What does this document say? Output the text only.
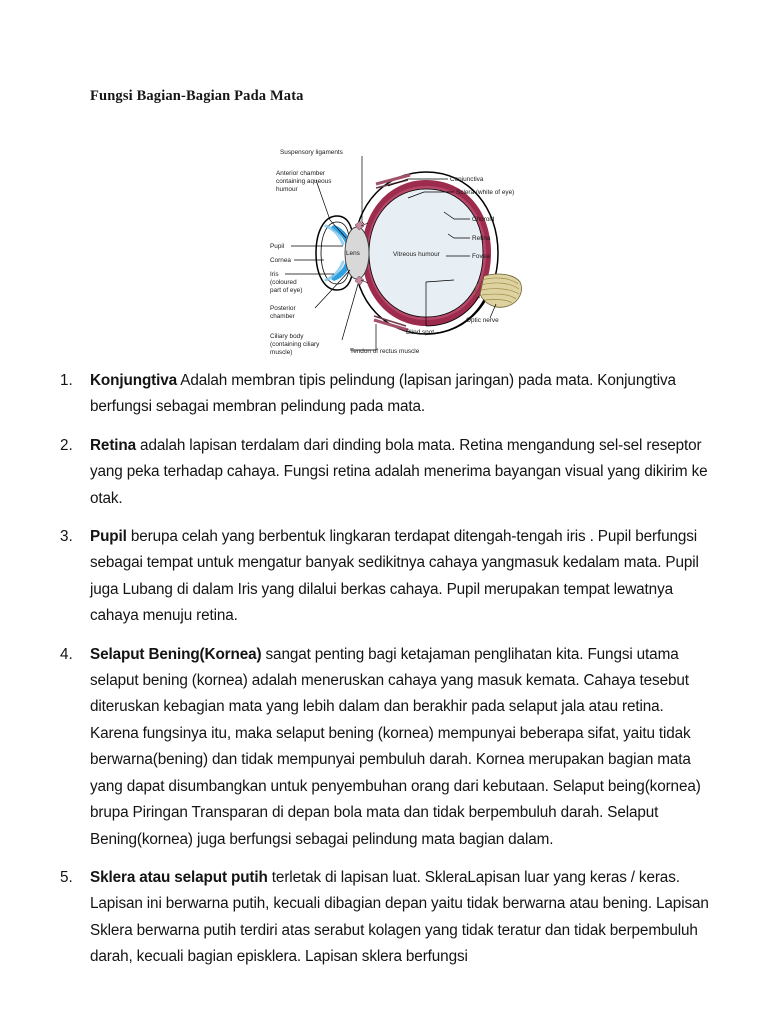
Fungsi Bagian-Bagian Pada Mata
Suspensory ligaments
Anterior chamber
containing aqueous
humour
Pupil
Cornea
Iris
(coloured
part of eye)
Posterior
chamber
Ciliary body
(containing ciliary
muscle)	Tendon of rectus muscle
Conjunctiva
Sclera (white of eye)
Choroid
Retina
Fovea
Optic nerve
Blind spot
Lens	Vitreous humour
1.	Konjungtiva Adalah membran tipis pelindung (lapisan jaringan) pada mata. Konjungtiva berfungsi sebagai membran pelindung pada mata.
2.	Retina adalah lapisan terdalam dari dinding bola mata. Retina mengandung sel-sel reseptor yang peka terhadap cahaya. Fungsi retina adalah menerima bayangan visual yang dikirim ke otak.
3.	Pupil berupa celah yang berbentuk lingkaran terdapat ditengah-tengah iris . Pupil berfungsi sebagai tempat untuk mengatur banyak sedikitnya cahaya yangmasuk kedalam mata. Pupil juga Lubang di dalam Iris yang dilalui berkas cahaya. Pupil merupakan tempat lewatnya cahaya menuju retina.
4.	Selaput Bening(Kornea) sangat penting bagi ketajaman penglihatan kita. Fungsi utama selaput bening (kornea) adalah meneruskan cahaya yang masuk kemata. Cahaya tesebut diteruskan kebagian mata yang lebih dalam dan berakhir pada selaput jala atau retina. Karena fungsinya itu, maka selaput bening (kornea) mempunyai beberapa sifat, yaitu tidak berwarna(bening) dan tidak mempunyai pembuluh darah. Kornea merupakan bagian mata yang dapat disumbangkan untuk penyembuhan orang dari kebutaan. Selaput being(kornea) brupa Piringan Transparan di depan bola mata dan tidak berpembuluh darah. Selaput Bening(kornea) juga berfungsi sebagai pelindung mata bagian dalam.
5.	Sklera atau selaput putih terletak di lapisan luat. SkleraLapisan luar yang keras / keras. Lapisan ini berwarna putih, kecuali dibagian depan yaitu tidak berwarna atau bening. Lapisan Sklera berwarna putih terdiri atas serabut kolagen yang tidak teratur dan tidak berpembuluh darah, kecuali bagian episklera. Lapisan sklera berfungsi
